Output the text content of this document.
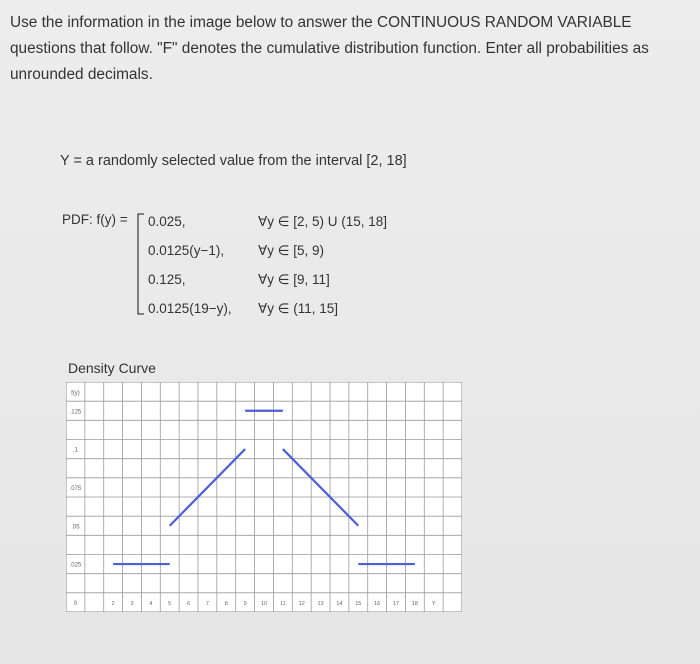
Use the information in the image below to answer the CONTINUOUS RANDOM VARIABLE questions that follow. "F" denotes the cumulative distribution function. Enter all probabilities as unrounded decimals.
Y = a randomly selected value from the interval [2, 18]
PDF: f(y) = 0.025,	∀y ∈ [2, 5) U (15, 18]
0.0125(y−1),	∀y ∈ [5, 9)
0.125,	∀y ∈ [9, 11]
0.0125(19−y), ∀y ∈ (11, 15]
Density Curve
f(y)
.125
.1
.075
.05
.025
0	2	3	4	5	6	7	8	9	10 11 12 13 14 15 16 17 18	Y
